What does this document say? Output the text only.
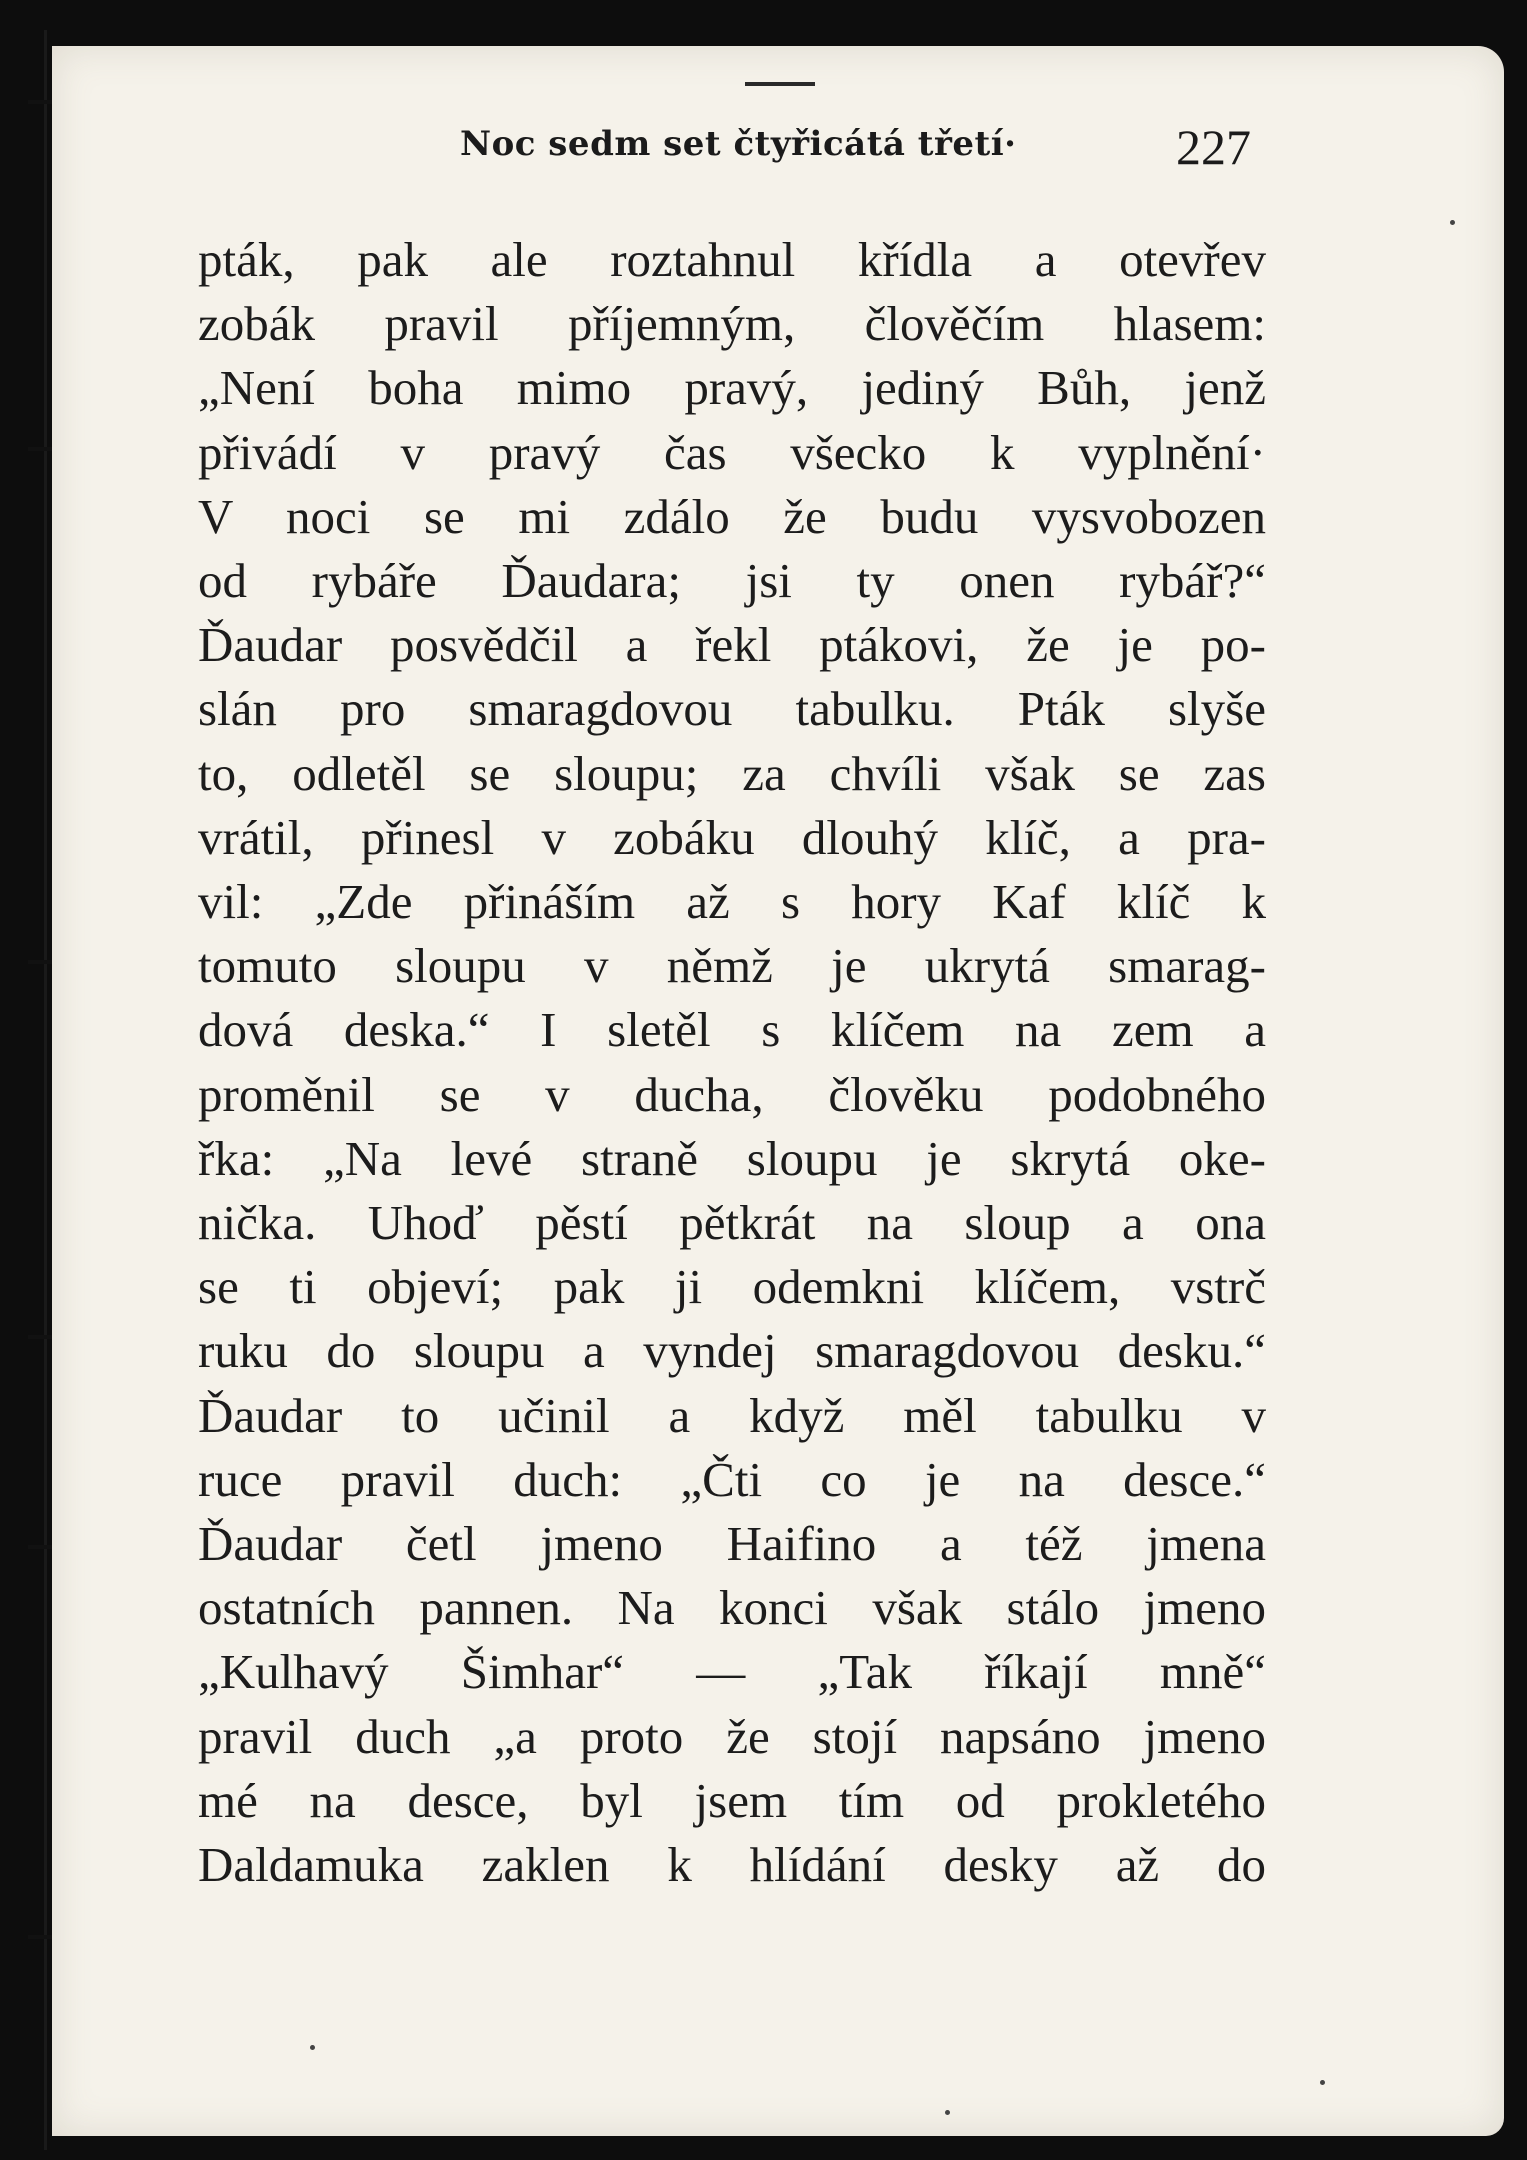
Noc sedm set čtyřicátá třetí·	227
pták, pak ale roztahnul křídla a otevřev
zobák pravil příjemným, člověčím hlasem:
„Není boha mimo pravý, jediný Bůh, jenž
přivádí v pravý čas všecko k vyplnění·
V noci se mi zdálo že budu vysvobozen
od rybáře Ďaudara; jsi ty onen rybář?“
Ďaudar posvědčil a řekl ptákovi, že je po-
slán pro smaragdovou tabulku. Pták slyše
to, odletěl se sloupu; za chvíli však se zas
vrátil, přinesl v zobáku dlouhý klíč, a pra-
vil: „Zde přináším až s hory Kaf klíč k
tomuto sloupu v němž je ukrytá smarag-
dová deska.“ I sletěl s klíčem na zem a
proměnil se v ducha, člověku podobného
řka: „Na levé straně sloupu je skrytá oke-
nička. Uhoď pěstí pětkrát na sloup a ona
se ti objeví; pak ji odemkni klíčem, vstrč
ruku do sloupu a vyndej smaragdovou desku.“
Ďaudar to učinil a když měl tabulku v
ruce pravil duch: „Čti co je na desce.“
Ďaudar četl jmeno Haifino a též jmena
ostatních pannen. Na konci však stálo jmeno
„Kulhavý Šimhar“ — „Tak říkají mně“
pravil duch „a proto že stojí napsáno jmeno
mé na desce, byl jsem tím od prokletého
Daldamuka zaklen k hlídání desky až do
